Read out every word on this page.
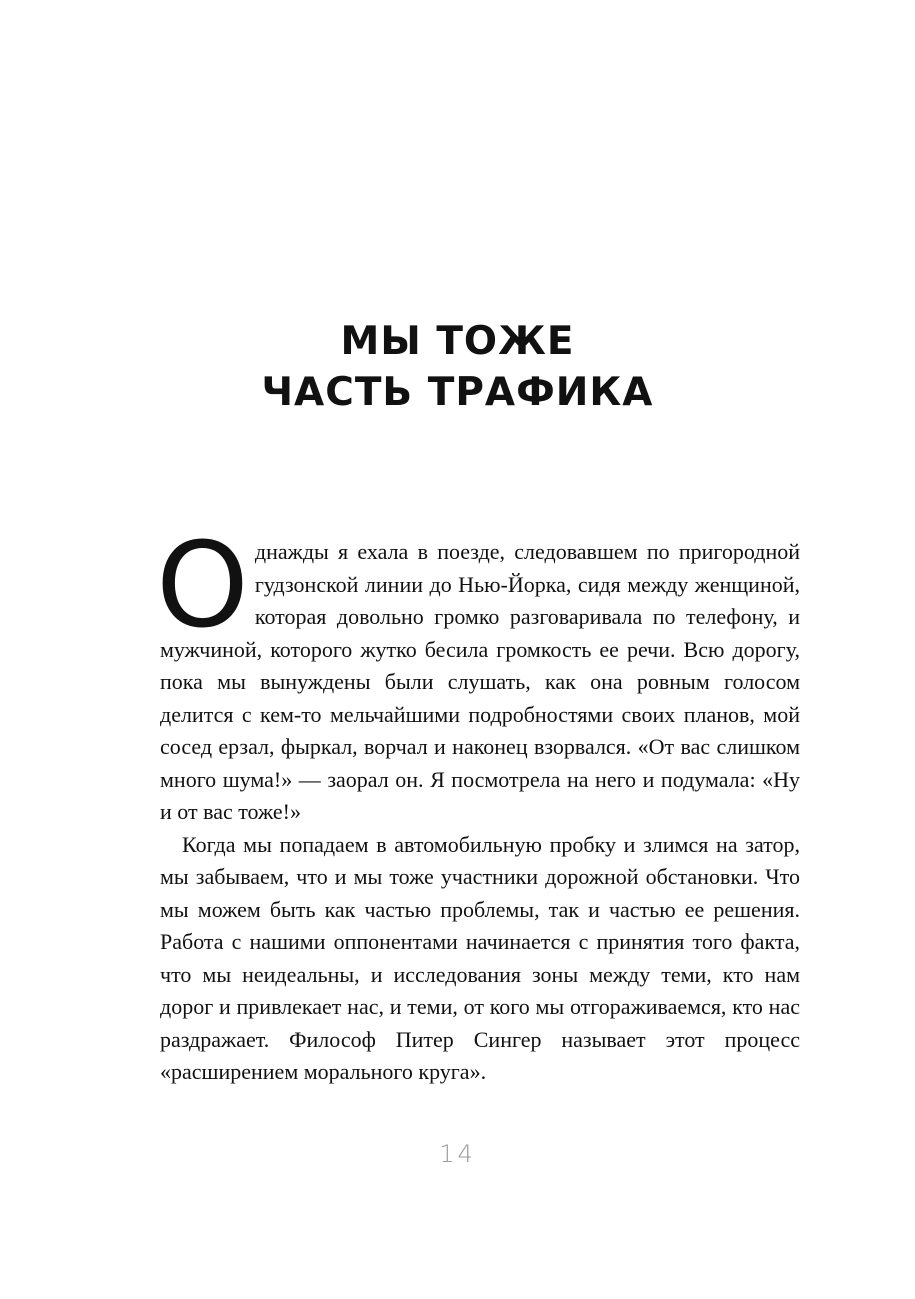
МЫ ТОЖЕ
ЧАСТЬ ТРАФИКА

Однажды я ехала в поезде, следовавшем по пригородной гудзонской линии до Нью-Йорка, сидя между женщиной, которая довольно громко разговаривала по телефону, и мужчиной, которого жутко бесила громкость ее речи. Всю дорогу, пока мы вынуждены были слушать, как она ровным голосом делится с кем-то мельчайшими подробностями своих планов, мой сосед ерзал, фыркал, ворчал и наконец взорвался. «От вас слишком много шума!» — заорал он. Я посмотрела на него и подумала: «Ну и от вас тоже!»

Когда мы попадаем в автомобильную пробку и злимся на затор, мы забываем, что и мы тоже участники дорожной обстановки. Что мы можем быть как частью проблемы, так и частью ее решения. Работа с нашими оппонентами начинается с принятия того факта, что мы неидеальны, и исследования зоны между теми, кто нам дорог и привлекает нас, и теми, от кого мы отгораживаемся, кто нас раздражает. Философ Питер Сингер называет этот процесс «расширением морального круга».

14
